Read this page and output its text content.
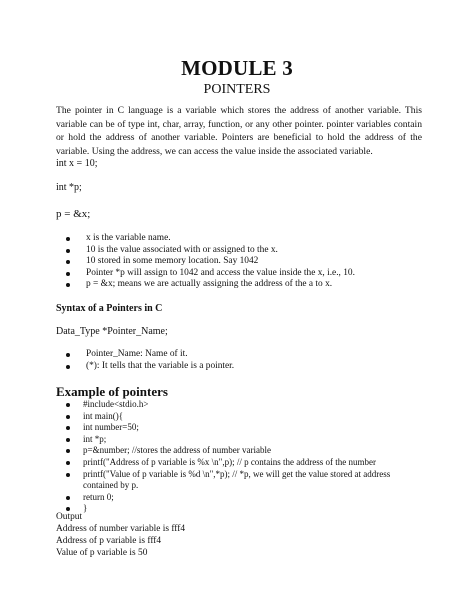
MODULE 3
POINTERS
The pointer in C language is a variable which stores the address of another variable. This variable can be of type int, char, array, function, or any other pointer. pointer variables contain or hold the address of another variable. Pointers are beneficial to hold the address of the variable. Using the address, we can access the value inside the associated variable.
int x = 10;
int *p;
p = &x;
x is the variable name.
10 is the value associated with or assigned to the x.
10 stored in some memory location. Say 1042
Pointer *p will assign to 1042 and access the value inside the x, i.e., 10.
p = &x; means we are actually assigning the address of the a to x.
Syntax of a Pointers in C
Data_Type *Pointer_Name;
Pointer_Name: Name of it.
(*): It tells that the variable is a pointer.
Example of pointers
#include<stdio.h>
int main(){
int number=50;
int *p;
p=&number; //stores the address of number variable
printf("Address of p variable is %x \n",p); // p contains the address of the number
printf("Value of p variable is %d \n",*p); // *p, we will get the value stored at address contained by p.
return 0;
}
Output
Address of number variable is fff4
Address of p variable is fff4
Value of p variable is 50
